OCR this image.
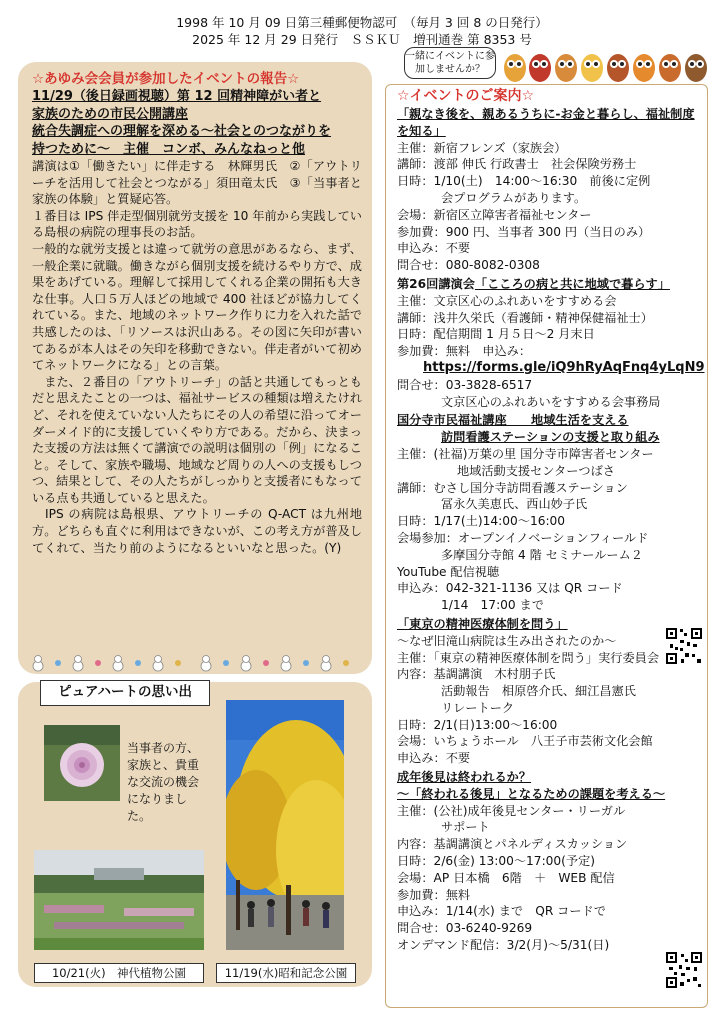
1998 年 10 月 09 日第三種郵便物認可　（毎月 3 回 8 の日発行）
2025 年 12 月 29 日発行　ＳＳＫＵ　増刊通巻 第 8353 号
一緒にイベントに参加しませんか？
☆あゆみ会会員が参加したイベントの報告☆
11/29（後日録画視聴）第 12 回精神障がい者と
家族のための市民公開講座
統合失調症への理解を深める～社会とのつながりを
持つために～　主催　コンボ、みんなねっと他

講演は①「働きたい」に伴走する　林輝男氏　②「アウトリーチを活用して社会とつながる」須田竜太氏　③「当事者と家族の体験」と質疑応答。

１番目は IPS 伴走型個別就労支援を 10 年前から実践している島根の病院の理事長のお話。

一般的な就労支援とは違って就労の意思があるなら、まず、一般企業に就職。働きながら個別支援を続けるやり方で、成果をあげている。理解して採用してくれる企業の開拓も大きな仕事。人口５万人ほどの地域で 400 社ほどが協力してくれている。また、地域のネットワーク作りに力を入れた話で共感したのは、「リソースは沢山ある。その図に矢印が書いてあるが本人はその矢印を移動できない。伴走者がいて初めてネットワークになる」との言葉。

　また、２番目の「アウトリーチ」の話と共通してもっともだと思えたことの一つは、福祉サービスの種類は増えたけれど、それを使えていない人たちにその人の希望に沿ってオーダーメイド的に支援していくやり方である。だから、決まった支援の方法は無くて講演での説明は個別の「例」になること。そして、家族や職場、地域など周りの人への支援もしつつ、結果として、その人たちがしっかりと支援者にもなっている点も共通していると思えた。

　IPS の病院は島根県、アウトリーチの Q-ACT は九州地方。どちらも直ぐに利用はできないが、この考え方が普及してくれて、当たり前のようになるといいなと思った。(Y)

ピュアハートの思い出
当事者の方、家族と、貴重な交流の機会になりました。
10/21(火)　神代植物公園	11/19(水)昭和記念公園
☆イベントのご案内☆
「親なき後を、親あるうちに-お金と暮らし、福祉制度を知る」
主催：新宿フレンズ（家族会）
講師：渡部 伸氏 行政書士　社会保険労務士
日時：1/10(土)　14:00～16:30　前後に定例
会プログラムがあります。
会場：新宿区立障害者福祉センター
参加費：900 円、当事者 300 円（当日のみ）
申込み：不要
問合せ：080-8082-0308
第26回講演会「こころの病と共に地域で暮らす」
主催：文京区心のふれあいをすすめる会
講師：浅井久栄氏（看護師・精神保健福祉士）
日時：配信期間 1 月５日～2 月末日
参加費：無料　申込み：
https://forms.gle/iQ9hRyAqFnq4yLqN9
問合せ：03-3828-6517
文京区心のふれあいをすすめる会事務局
国分寺市民福祉講座　　地域生活を支える
訪問看護ステーションの支援と取り組み
主催：(社福)万葉の里 国分寺市障害者センター
地域活動支援センターつばさ
講師：むさし国分寺訪問看護ステーション
冨永久美恵氏、西山妙子氏
日時：1/17(土)14:00～16:00
会場参加：オープンイノベーションフィールド
多摩国分寺館 4 階 セミナールーム２
YouTube 配信視聴
申込み：042-321-1136 又は QR コード
1/14　17:00 まで
「東京の精神医療体制を問う」
～なぜ旧滝山病院は生み出されたのか～
主催：「東京の精神医療体制を問う」実行委員会
内容：基調講演　木村朋子氏
活動報告　相原啓介氏、細江昌憲氏
リレートーク
日時：2/1(日)13:00～16:00
会場：いちょうホール　八王子市芸術文化会館
申込み：不要
成年後見は終われるか？
～「終われる後見」となるための課題を考える～
主催：(公社)成年後見センター・リーガル
サポート
内容：基調講演とパネルディスカッション
日時：2/6(金) 13:00～17:00(予定)
会場：AP 日本橋　6階　＋　WEB 配信
参加費：無料
申込み：1/14(水) まで　QR コードで
問合せ：03-6240-9269
オンデマンド配信：3/2(月)～5/31(日)
